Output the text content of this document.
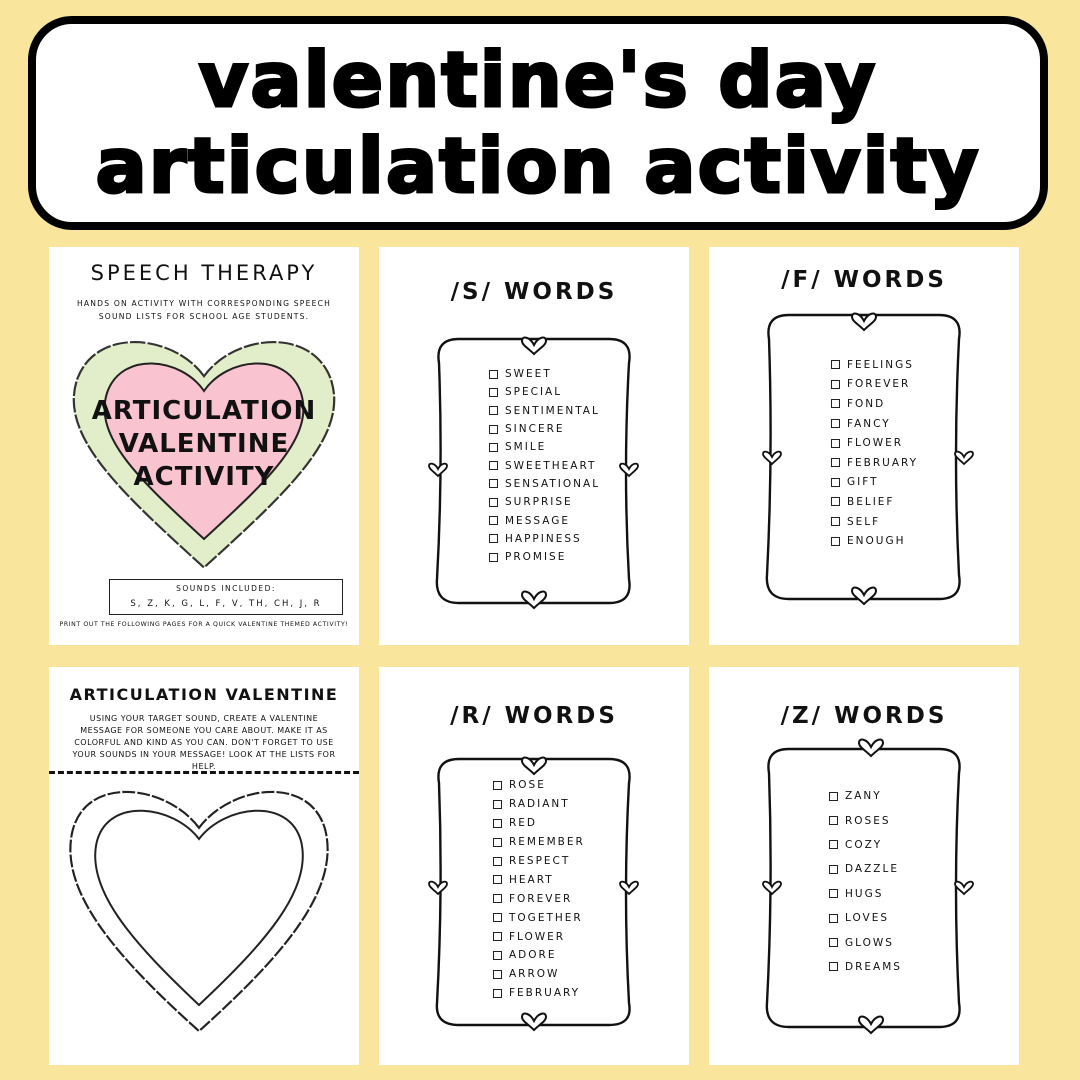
valentine's day
articulation activity
SPEECH THERAPY
HANDS ON ACTIVITY WITH CORRESPONDING SPEECH SOUND LISTS FOR SCHOOL AGE STUDENTS.
ARTICULATION
VALENTINE
ACTIVITY
SOUNDS INCLUDED:
S, Z, K, G, L, F, V, TH, CH, J, R
PRINT OUT THE FOLLOWING PAGES FOR A QUICK VALENTINE THEMED ACTIVITY!
/S/ WORDS
SWEET
SPECIAL
SENTIMENTAL
SINCERE
SMILE
SWEETHEART
SENSATIONAL
SURPRISE
MESSAGE
HAPPINESS
PROMISE
/F/ WORDS
FEELINGS
FOREVER
FOND
FANCY
FLOWER
FEBRUARY
GIFT
BELIEF
SELF
ENOUGH
ARTICULATION VALENTINE
USING YOUR TARGET SOUND, CREATE A VALENTINE MESSAGE FOR SOMEONE YOU CARE ABOUT. MAKE IT AS COLORFUL AND KIND AS YOU CAN. DON'T FORGET TO USE YOUR SOUNDS IN YOUR MESSAGE! LOOK AT THE LISTS FOR HELP.
/R/ WORDS
ROSE
RADIANT
RED
REMEMBER
RESPECT
HEART
FOREVER
TOGETHER
FLOWER
ADORE
ARROW
FEBRUARY
/Z/ WORDS
ZANY
ROSES
COZY
DAZZLE
HUGS
LOVES
GLOWS
DREAMS
